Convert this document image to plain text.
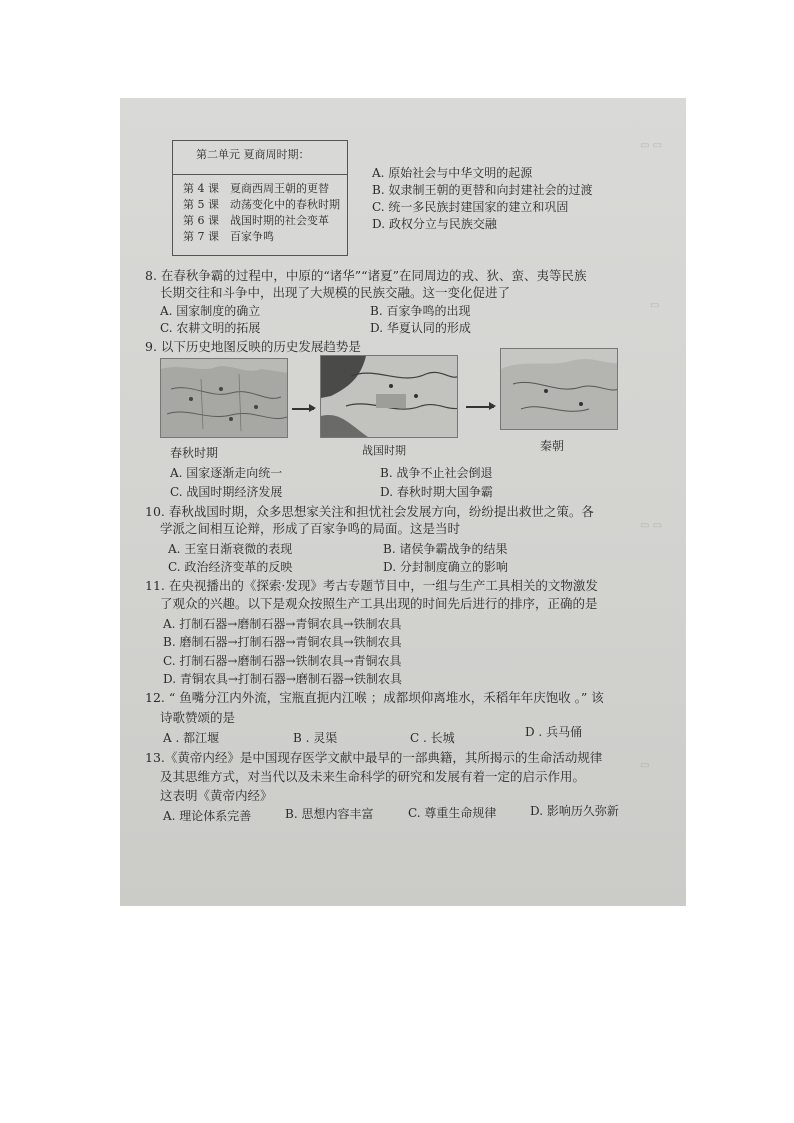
▭ ▭
▭
▭ ▭
▭
第二单元 夏商周时期：
第 4 课　夏商西周王朝的更替
第 5 课　动荡变化中的春秋时期
第 6 课　战国时期的社会变革
第 7 课　百家争鸣
A. 原始社会与中华文明的起源
B. 奴隶制王朝的更替和向封建社会的过渡
C. 统一多民族封建国家的建立和巩固
D. 政权分立与民族交融
8. 在春秋争霸的过程中，中原的“诸华”“诸夏”在同周边的戎、狄、蛮、夷等民族
长期交往和斗争中，出现了大规模的民族交融。这一变化促进了
A. 国家制度的确立	B. 百家争鸣的出现
C. 农耕文明的拓展	D. 华夏认同的形成
9. 以下历史地图反映的历史发展趋势是
春秋时期	战国时期	秦朝
A. 国家逐渐走向统一	B. 战争不止社会倒退
C. 战国时期经济发展	D. 春秋时期大国争霸
10. 春秋战国时期，众多思想家关注和担忧社会发展方向，纷纷提出救世之策。各
学派之间相互论辩，形成了百家争鸣的局面。这是当时
A. 王室日渐衰微的表现	B. 诸侯争霸战争的结果
C. 政治经济变革的反映	D. 分封制度确立的影响
11. 在央视播出的《探索·发现》考古专题节目中，一组与生产工具相关的文物激发
了观众的兴趣。以下是观众按照生产工具出现的时间先后进行的排序，正确的是
A. 打制石器→磨制石器→青铜农具→铁制农具
B. 磨制石器→打制石器→青铜农具→铁制农具
C. 打制石器→磨制石器→铁制农具→青铜农具
D. 青铜农具→打制石器→磨制石器→铁制农具
12. “ 鱼嘴分江内外流，宝瓶直扼内江喉 ；成都坝仰离堆水，禾稻年年庆饱收 。” 该
诗歌赞颂的是
A . 都江堰	B . 灵渠	C . 长城	D . 兵马俑
13.《黄帝内经》是中国现存医学文献中最早的一部典籍，其所揭示的生命活动规律
及其思维方式，对当代以及未来生命科学的研究和发展有着一定的启示作用。
这表明《黄帝内经》
A. 理论体系完善	B. 思想内容丰富	C. 尊重生命规律	D. 影响历久弥新
